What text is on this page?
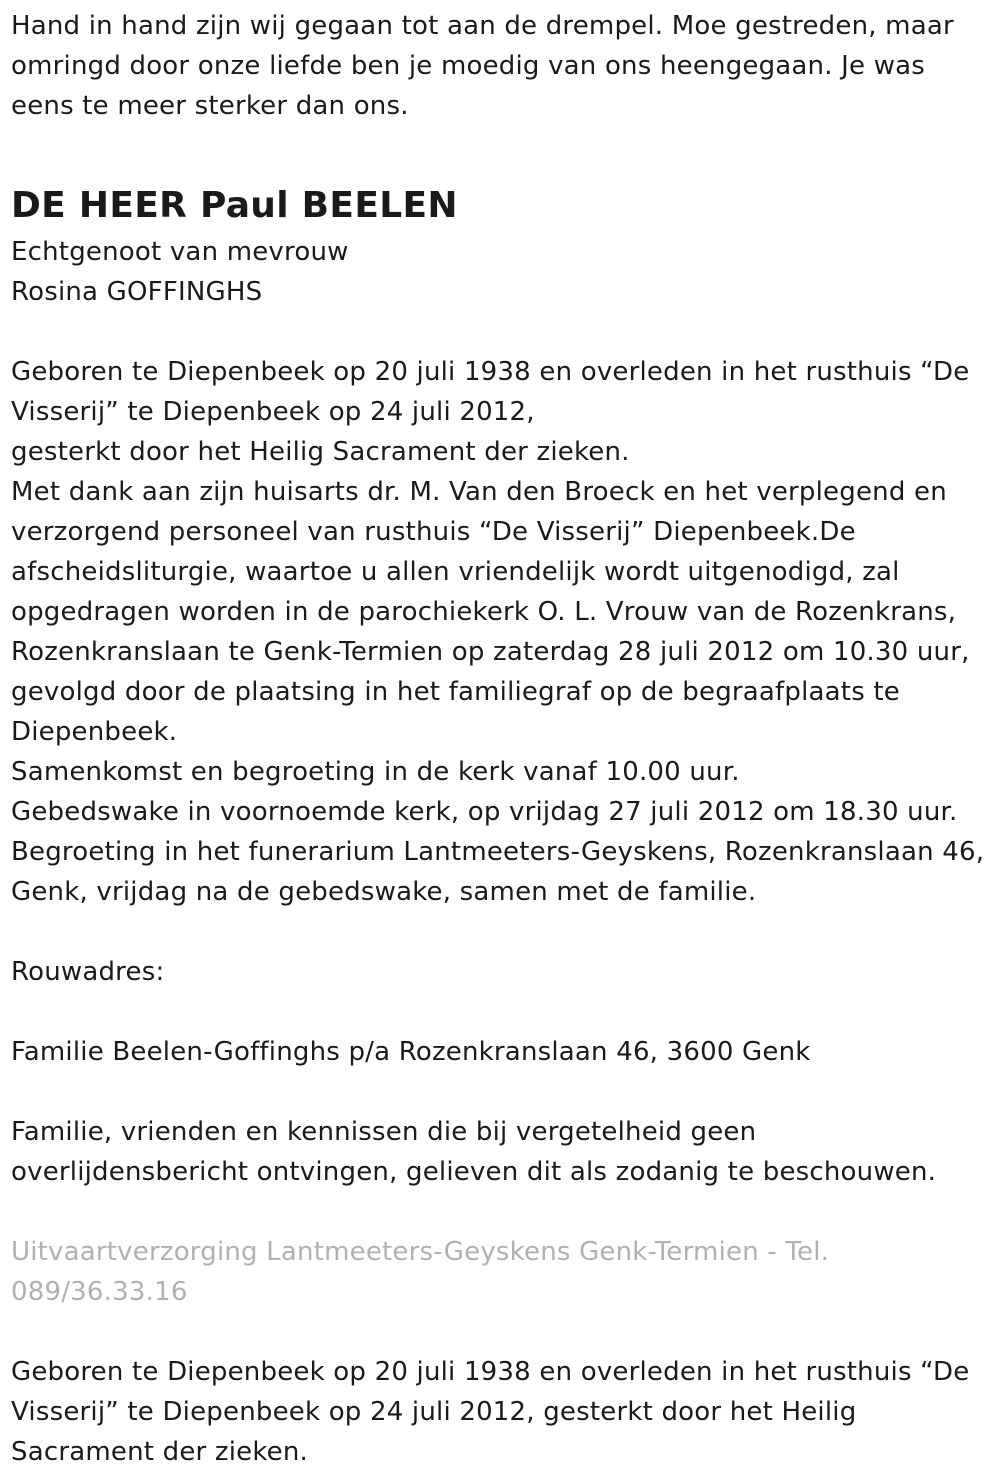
Hand in hand zijn wij gegaan tot aan de drempel. Moe gestreden, maar
omringd door onze liefde ben je moedig van ons heengegaan. Je was
eens te meer sterker dan ons.

DE HEER Paul BEELEN

Echtgenoot van mevrouw
Rosina GOFFINGHS

Geboren te Diepenbeek op 20 juli 1938 en overleden in het rusthuis “De
Visserij” te Diepenbeek op 24 juli 2012,
gesterkt door het Heilig Sacrament der zieken.
Met dank aan zijn huisarts dr. M. Van den Broeck en het verplegend en
verzorgend personeel van rusthuis “De Visserij” Diepenbeek.De
afscheidsliturgie, waartoe u allen vriendelijk wordt uitgenodigd, zal
opgedragen worden in de parochiekerk O. L. Vrouw van de Rozenkrans,
Rozenkranslaan te Genk-Termien op zaterdag 28 juli 2012 om 10.30 uur,
gevolgd door de plaatsing in het familiegraf op de begraafplaats te
Diepenbeek.
Samenkomst en begroeting in de kerk vanaf 10.00 uur.
Gebedswake in voornoemde kerk, op vrijdag 27 juli 2012 om 18.30 uur.
Begroeting in het funerarium Lantmeeters-Geyskens, Rozenkranslaan 46,
Genk, vrijdag na de gebedswake, samen met de familie.

Rouwadres:

Familie Beelen-Goffinghs p/a Rozenkranslaan 46, 3600 Genk

Familie, vrienden en kennissen die bij vergetelheid geen
overlijdensbericht ontvingen, gelieven dit als zodanig te beschouwen.

Uitvaartverzorging Lantmeeters-Geyskens Genk-Termien - Tel.
089/36.33.16

Geboren te Diepenbeek op 20 juli 1938 en overleden in het rusthuis “De
Visserij” te Diepenbeek op 24 juli 2012, gesterkt door het Heilig
Sacrament der zieken.
